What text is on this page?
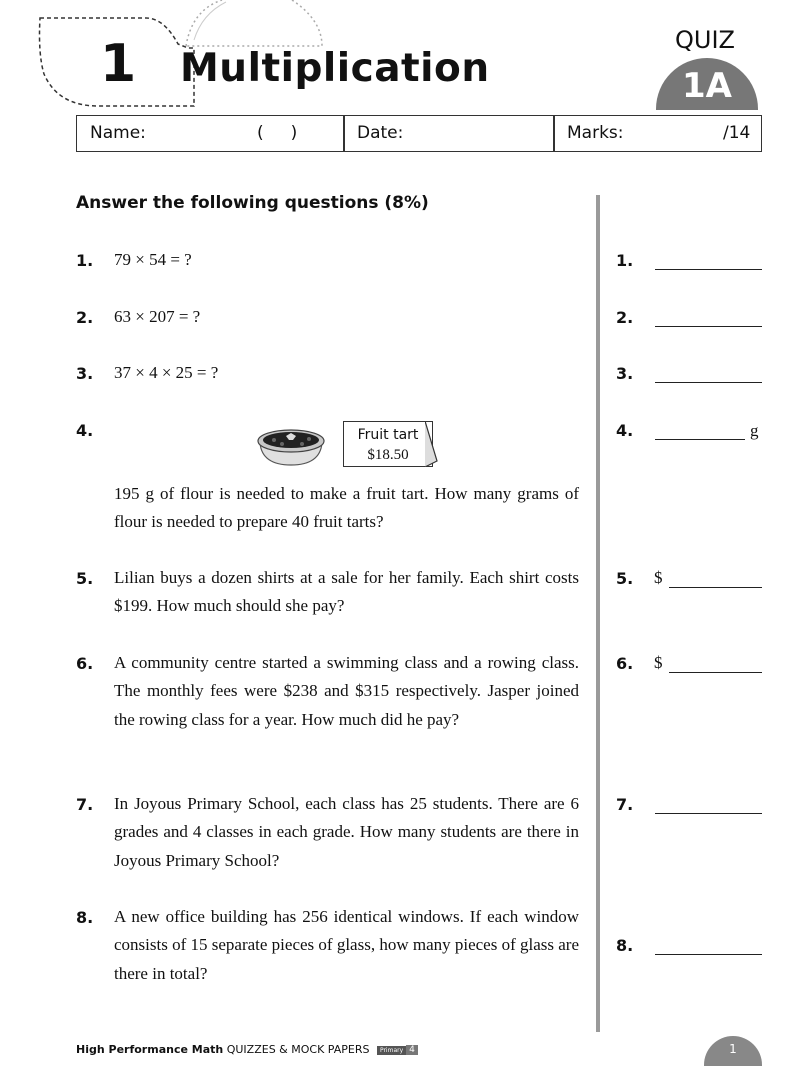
1 Multiplication
QUIZ
1A
Name:	(     )	Date:	Marks:	/14
Answer the following questions (8%)
1. 79 × 54 = ?	1.
2. 63 × 207 = ?	2.
3. 37 × 4 × 25 = ?	3.
4.	Fruit tart
$18.50
195 g of flour is needed to make a fruit tart. How many grams of flour is needed to prepare 40 fruit tarts?
4.	g
5. Lilian buys a dozen shirts at a sale for her family. Each shirt costs $199. How much should she pay?
5. $
6. A community centre started a swimming class and a rowing class. The monthly fees were $238 and $315 respectively. Jasper joined the rowing class for a year. How much did he pay?
6. $
7. In Joyous Primary School, each class has 25 students. There are 6 grades and 4 classes in each grade. How many students are there in Joyous Primary School?
7.
8. A new office building has 256 identical windows. If each window consists of 15 separate pieces of glass, how many pieces of glass are there in total?
8.
High Performance Math QUIZZES & MOCK PAPERS Primary 4	1
